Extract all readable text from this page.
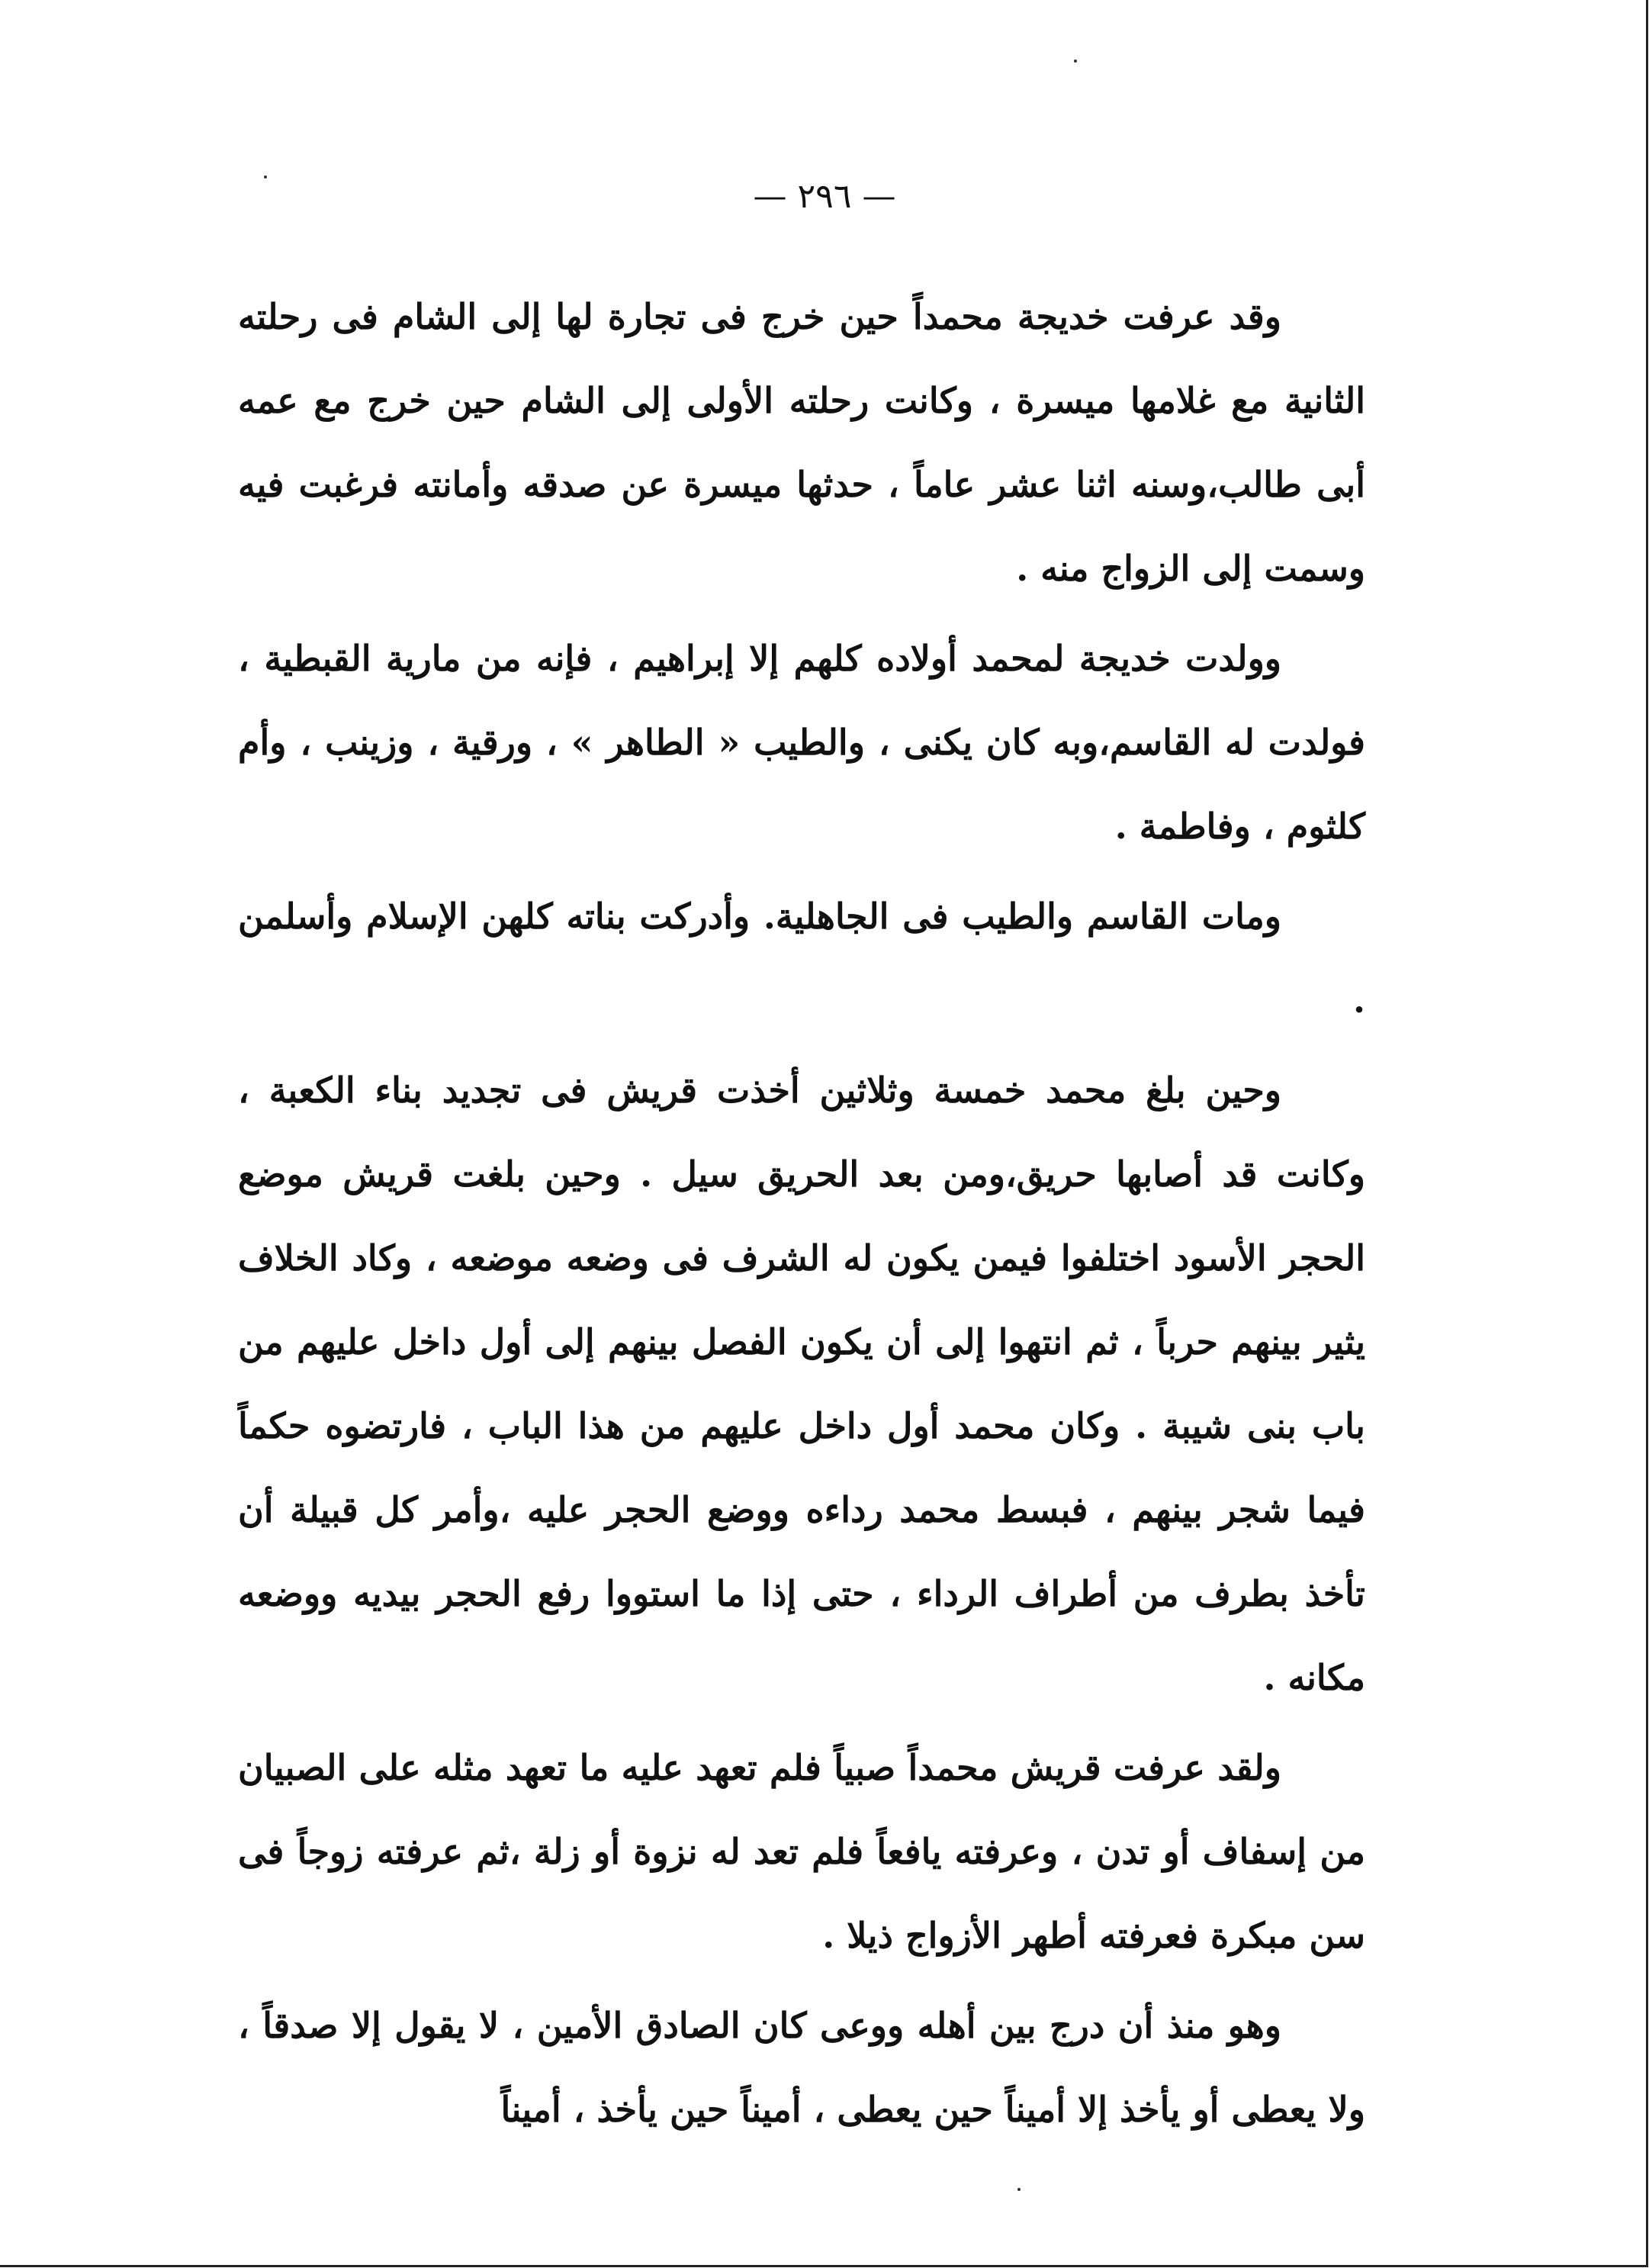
— ٢٩٦ —

وقد عرفت خديجة محمداً حين خرج فى تجارة لها إلى الشام فى رحلته الثانية مع غلامها ميسرة ، وكانت رحلته الأولى إلى الشام حين خرج مع عمه أبى طالب،وسنه اثنا عشر عاماً ، حدثها ميسرة عن صدقه وأمانته فرغبت فيه وسمت إلى الزواج منه .

وولدت خديجة لمحمد أولاده كلهم إلا إبراهيم ، فإنه من مارية القبطية ، فولدت له القاسم،وبه كان يكنى ، والطيب « الطاهر » ، ورقية ، وزينب ، وأم كلثوم ، وفاطمة .

ومات القاسم والطيب فى الجاهلية. وأدركت بناته كلهن الإسلام وأسلمن .

وحين بلغ محمد خمسة وثلاثين أخذت قريش فى تجديد بناء الكعبة ، وكانت قد أصابها حريق،ومن بعد الحريق سيل . وحين بلغت قريش موضع الحجر الأسود اختلفوا فيمن يكون له الشرف فى وضعه موضعه ، وكاد الخلاف يثير بينهم حرباً ، ثم انتهوا إلى أن يكون الفصل بينهم إلى أول داخل عليهم من باب بنى شيبة . وكان محمد أول داخل عليهم من هذا الباب ، فارتضوه حكماً فيما شجر بينهم ، فبسط محمد رداءه ووضع الحجر عليه ،وأمر كل قبيلة أن تأخذ بطرف من أطراف الرداء ، حتى إذا ما استووا رفع الحجر بيديه ووضعه مكانه .

ولقد عرفت قريش محمداً صبياً فلم تعهد عليه ما تعهد مثله على الصبيان من إسفاف أو تدن ، وعرفته يافعاً فلم تعد له نزوة أو زلة ،ثم عرفته زوجاً فى سن مبكرة فعرفته أطهر الأزواج ذيلا .

وهو منذ أن درج بين أهله ووعى كان الصادق الأمين ، لا يقول إلا صدقاً ، ولا يعطى أو يأخذ إلا أميناً حين يعطى ، أميناً حين يأخذ ، أميناً
